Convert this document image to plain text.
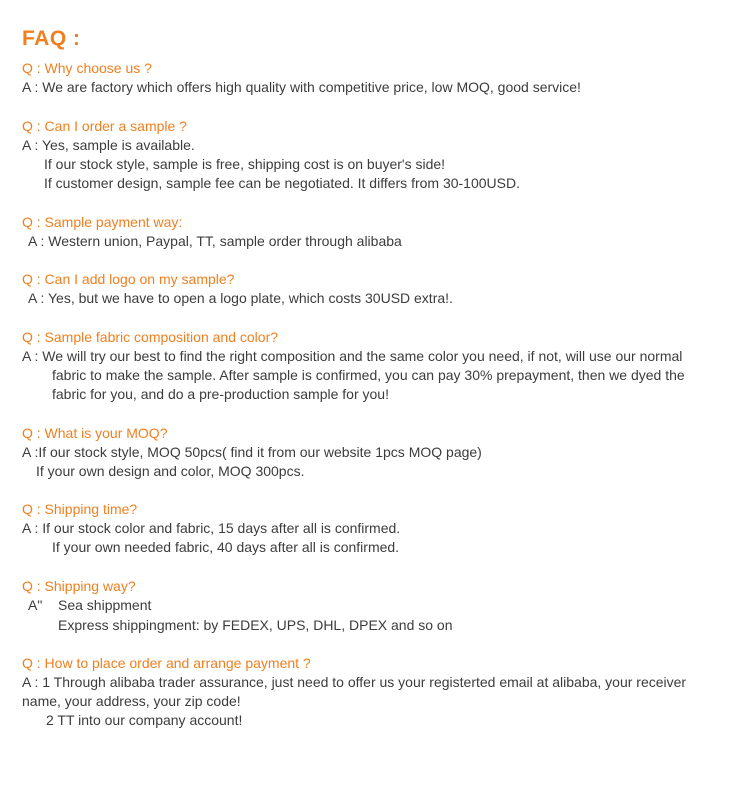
FAQ :
Q : Why choose us ?
A : We are factory which offers high quality with competitive price, low MOQ, good service!
Q : Can I order a sample ?
A : Yes, sample is available.
If our stock style, sample is free, shipping cost is on buyer's side!
If customer design, sample fee can be negotiated. It differs from 30-100USD.
Q : Sample payment way:
A : Western union, Paypal, TT, sample order through alibaba
Q : Can I add logo on my sample?
A : Yes, but we have to open a logo plate, which costs 30USD extra!.
Q : Sample fabric composition and color?
A : We will try our best to find the right composition and the same color you need, if not, will use our normal
fabric to make the sample. After sample is confirmed, you can pay 30% prepayment, then we dyed the
fabric for you, and do a pre-production sample for you!
Q : What is your MOQ?
A :If our stock style, MOQ 50pcs( find it from our website 1pcs MOQ page)
If your own design and color, MOQ 300pcs.
Q : Shipping time?
A : If our stock color and fabric, 15 days after all is confirmed.
If your own needed fabric, 40 days after all is confirmed.
Q : Shipping way?
A" Sea shippment
Express shippingment: by FEDEX, UPS, DHL, DPEX and so on
Q : How to place order and arrange payment ?
A : 1 Through alibaba trader assurance, just need to offer us your registerted email at alibaba, your receiver
name, your address, your zip code!
2 TT into our company account!
